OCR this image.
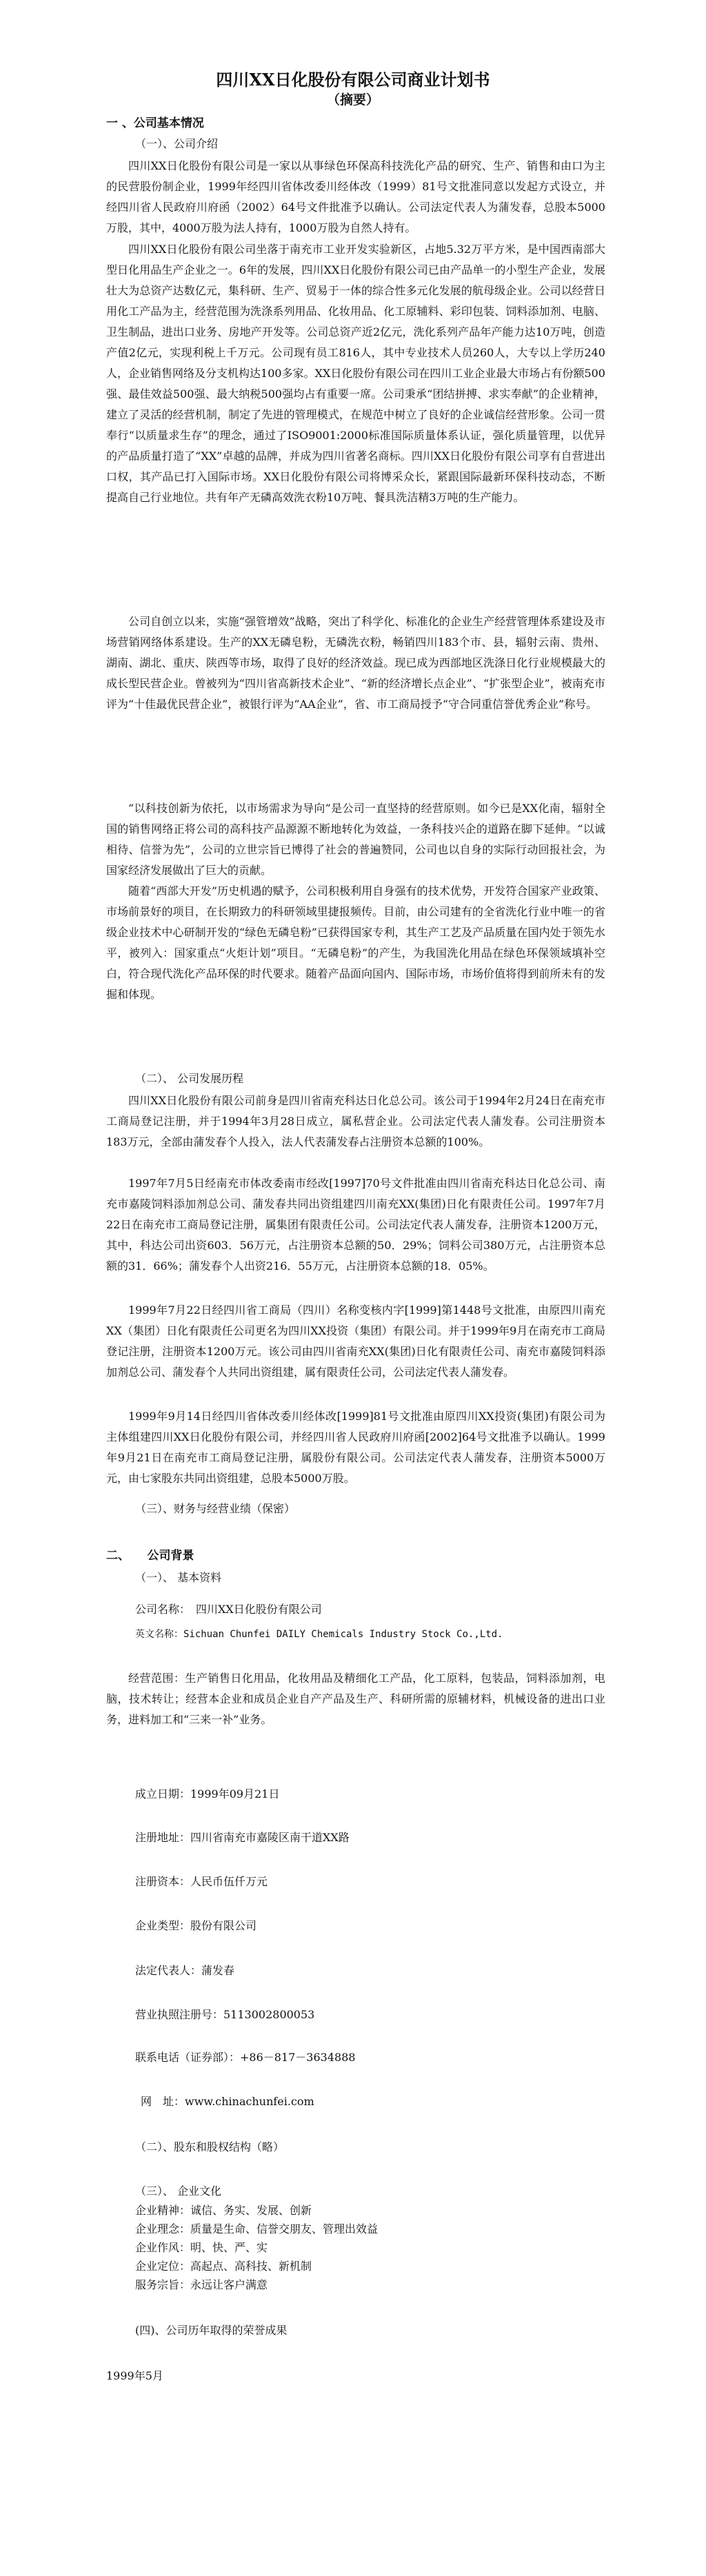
四川XX日化股份有限公司商业计划书
（摘要）
一 、公司基本情况
（一）、公司介绍

四川XX日化股份有限公司是一家以从事绿色环保高科技洗化产品的研究、生产、销售和由口为主的民营股份制企业，1999年经四川省体改委川经体改（1999）81号文批准同意以发起方式设立，并经四川省人民政府川府函（2002）64号文件批准予以确认。公司法定代表人为蒲发春，总股本5000万股，其中，4000万股为法人持有，1000万股为自然人持有。

四川XX日化股份有限公司坐落于南充市工业开发实验新区，占地5.32万平方米，是中国西南部大型日化用品生产企业之一。6年的发展，四川XX日化股份有限公司已由产品单一的小型生产企业，发展壮大为总资产达数亿元，集科研、生产、贸易于一体的综合性多元化发展的航母级企业。公司以经营日用化工产品为主，经营范围为洗涤系列用品、化妆用品、化工原辅料、彩印包装、饲料添加剂、电脑、卫生制品，进出口业务、房地产开发等。公司总资产近2亿元，洗化系列产品年产能力达10万吨，创造产值2亿元，实现利税上千万元。公司现有员工816人，其中专业技术人员260人，大专以上学历240人，企业销售网络及分支机构达100多家。XX日化股份有限公司在四川工业企业最大市场占有份额500强、最佳效益500强、最大纳税500强均占有重要一席。公司秉承“团结拼搏、求实奉献”的企业精神，建立了灵活的经营机制，制定了先进的管理模式，在规范中树立了良好的企业诚信经营形象。公司一贯奉行“以质量求生存”的理念，通过了ISO9001:2000标准国际质量体系认证，强化质量管理，以优异的产品质量打造了“XX”卓越的品牌，并成为四川省著名商标。四川XX日化股份有限公司享有自营进出口权，其产品已打入国际市场。XX日化股份有限公司将博采众长，紧跟国际最新环保科技动态，不断提高自己行业地位。共有年产无磷高效洗衣粉10万吨、餐具洗洁精3万吨的生产能力。

公司自创立以来，实施“强管增效”战略，突出了科学化、标准化的企业生产经营管理体系建设及市场营销网络体系建设。生产的XX无磷皂粉，无磷洗衣粉，畅销四川183个市、县，辐射云南、贵州、湖南、湖北、重庆、陕西等市场，取得了良好的经济效益。现已成为西部地区洗涤日化行业规模最大的成长型民营企业。曾被列为“四川省高新技术企业”、“新的经济增长点企业”、“扩张型企业”，被南充市评为“十佳最优民营企业”，被银行评为“AA企业”，省、市工商局授予“守合同重信誉优秀企业”称号。

“以科技创新为依托，以市场需求为导向”是公司一直坚持的经营原则。如今已是XX化南，辐射全国的销售网络正将公司的高科技产品源源不断地转化为效益，一条科技兴企的道路在脚下延伸。“以诚相待、信誉为先”，公司的立世宗旨已博得了社会的普遍赞同，公司也以自身的实际行动回报社会，为国家经济发展做出了巨大的贡献。

随着“西部大开发”历史机遇的赋予，公司积极利用自身强有的技术优势，开发符合国家产业政策、市场前景好的项目，在长期致力的科研领域里捷报频传。目前，由公司建有的全省洗化行业中唯一的省级企业技术中心研制开发的“绿色无磷皂粉”已获得国家专利，其生产工艺及产品质量在国内处于领先水平，被列入：国家重点“火炬计划”项目。“无磷皂粉”的产生，为我国洗化用品在绿色环保领域填补空白，符合现代洗化产品环保的时代要求。随着产品面向国内、国际市场，市场价值将得到前所未有的发掘和体现。

（二）、 公司发展历程

四川XX日化股份有限公司前身是四川省南充科达日化总公司。该公司于1994年2月24日在南充市工商局登记注册，并于1994年3月28日成立，属私营企业。公司法定代表人蒲发春。公司注册资本183万元，全部由蒲发春个人投入，法人代表蒲发春占注册资本总额的100%。

1997年7月5日经南充市体改委南市经改[1997]70号文件批准由四川省南充科达日化总公司、南充市嘉陵饲料添加剂总公司、蒲发春共同出资组建四川南充XX(集团)日化有限责任公司。1997年7月22日在南充市工商局登记注册，属集团有限责任公司。公司法定代表人蒲发春，注册资本1200万元，其中，科达公司出资603．56万元，占注册资本总额的50．29%；饲料公司380万元，占注册资本总额的31．66%；蒲发春个人出资216．55万元，占注册资本总额的18．05%。

1999年7月22日经四川省工商局（四川）名称变核内字[1999]第1448号文批准，由原四川南充XX（集团）日化有限责任公司更名为四川XX投资（集团）有限公司。并于1999年9月在南充市工商局登记注册，注册资本1200万元。该公司由四川省南充XX(集团)日化有限责任公司、南充市嘉陵饲料添加剂总公司、蒲发春个人共同出资组建，属有限责任公司，公司法定代表人蒲发春。

1999年9月14日经四川省体改委川经体改[1999]81号文批准由原四川XX投资(集团)有限公司为主体组建四川XX日化股份有限公司，并经四川省人民政府川府函[2002]64号文批准予以确认。1999年9月21日在南充市工商局登记注册，属股份有限公司。公司法定代表人蒲发春，注册资本5000万元，由七家股东共同出资组建，总股本5000万股。

（三）、财务与经营业绩（保密）
二、　　公司背景
（一）、 基本资料
公司名称：　四川XX日化股份有限公司
英文名称：Sichuan Chunfei DAILY Chemicals Industry Stock Co.,Ltd.

经营范围：生产销售日化用品，化妆用品及精细化工产品，化工原料，包装品，饲料添加剂，电脑，技术转让；经营本企业和成员企业自产产品及生产、科研所需的原辅材料，机械设备的进出口业务，进料加工和“三来一补”业务。

成立日期：1999年09月21日
注册地址：四川省南充市嘉陵区南干道XX路
注册资本：人民币伍仟万元
企业类型：股份有限公司
法定代表人：蒲发春
营业执照注册号：5113002800053
联系电话（证券部）：+86－817－3634888
网　址：www.chinachunfei.com
（二）、股东和股权结构（略）
（三）、 企业文化
企业精神：诚信、务实、发展、创新
企业理念：质量是生命、信誉交朋友、管理出效益
企业作风：明、快、严、实
企业定位：高起点、高科技、新机制
服务宗旨：永远让客户满意
(四)、公司历年取得的荣誉成果
1999年5月
